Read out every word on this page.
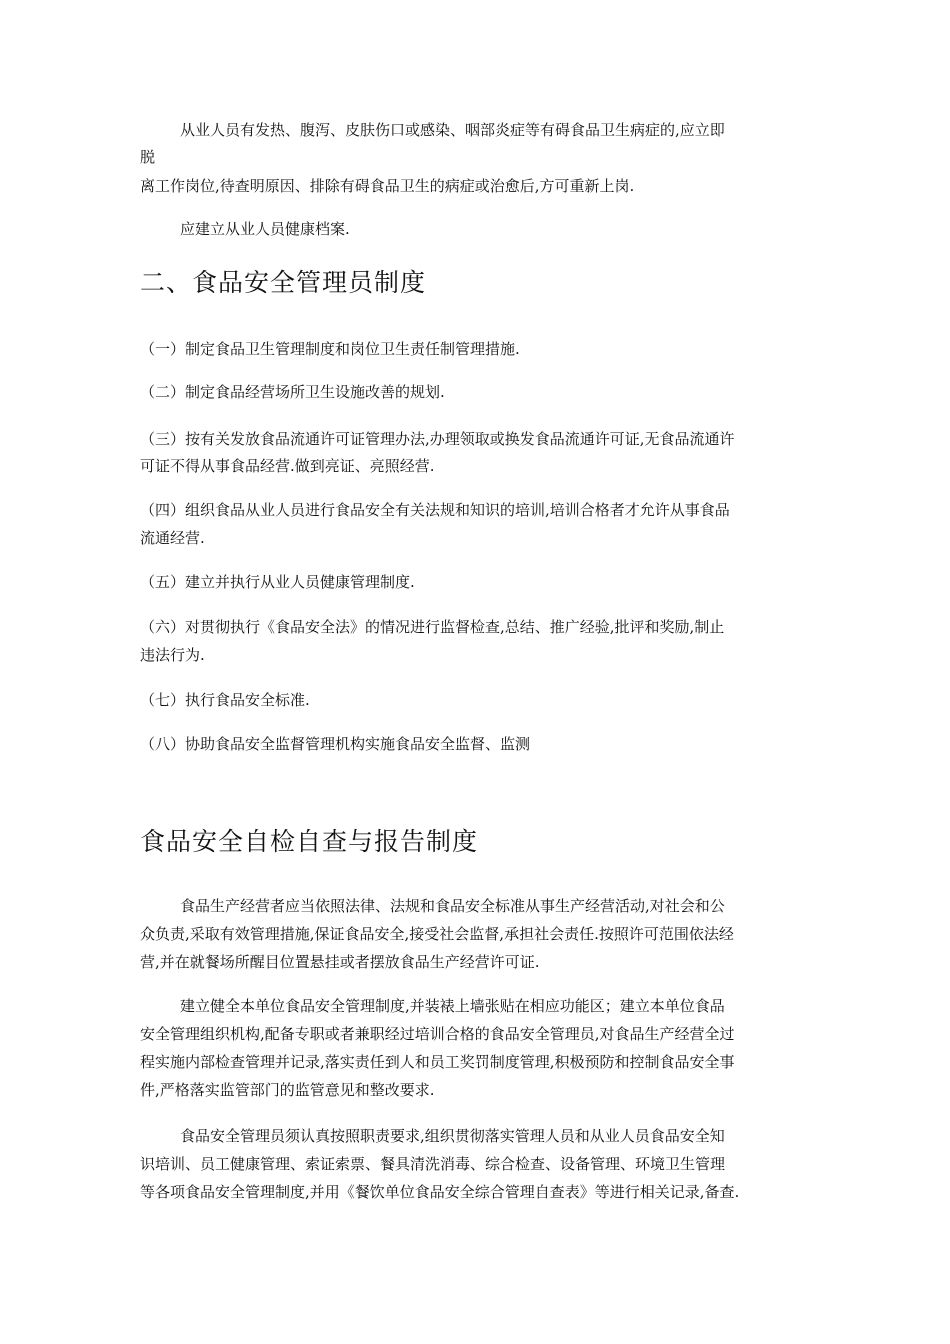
从业人员有发热、腹泻、皮肤伤口或感染、咽部炎症等有碍食品卫生病症的,应立即
脱
离工作岗位,待查明原因、排除有碍食品卫生的病症或治愈后,方可重新上岗.
应建立从业人员健康档案.
二、食品安全管理员制度
（一）制定食品卫生管理制度和岗位卫生责任制管理措施.
（二）制定食品经营场所卫生设施改善的规划.
（三）按有关发放食品流通许可证管理办法,办理领取或换发食品流通许可证,无食品流通许
可证不得从事食品经营.做到亮证、亮照经营.
（四）组织食品从业人员进行食品安全有关法规和知识的培训,培训合格者才允许从事食品
流通经营.
（五）建立并执行从业人员健康管理制度.
（六）对贯彻执行《食品安全法》的情况进行监督检查,总结、推广经验,批评和奖励,制止
违法行为.
（七）执行食品安全标准.
（八）协助食品安全监督管理机构实施食品安全监督、监测
食品安全自检自查与报告制度
食品生产经营者应当依照法律、法规和食品安全标准从事生产经营活动,对社会和公
众负责,采取有效管理措施,保证食品安全,接受社会监督,承担社会责任.按照许可范围依法经
营,并在就餐场所醒目位置悬挂或者摆放食品生产经营许可证.
建立健全本单位食品安全管理制度,并装裱上墙张贴在相应功能区；建立本单位食品
安全管理组织机构,配备专职或者兼职经过培训合格的食品安全管理员,对食品生产经营全过
程实施内部检查管理并记录,落实责任到人和员工奖罚制度管理,积极预防和控制食品安全事
件,严格落实监管部门的监管意见和整改要求.
食品安全管理员须认真按照职责要求,组织贯彻落实管理人员和从业人员食品安全知
识培训、员工健康管理、索证索票、餐具清洗消毒、综合检查、设备管理、环境卫生管理
等各项食品安全管理制度,并用《餐饮单位食品安全综合管理自查表》等进行相关记录,备查.
